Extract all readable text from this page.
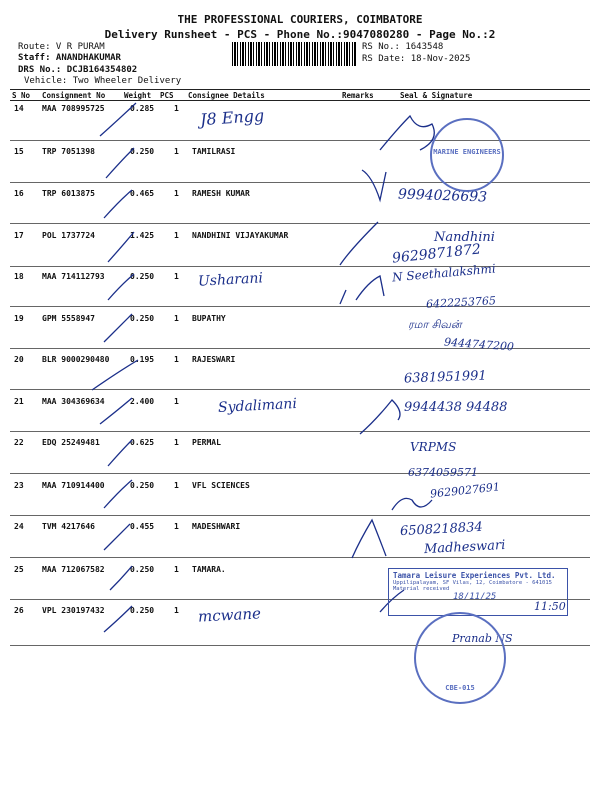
THE PROFESSIONAL COURIERS, COIMBATORE
Delivery Runsheet - PCS - Phone No.:9047080280 - Page No.:2
Route: V R PURAM
Staff: ANANDHAKUMAR
DRS No.: DCJB164354802
Vehicle: Two Wheeler Delivery
RS No.: 1643548
RS Date: 18-Nov-2025
S No Consignment No	Weight PCS Consignee Details	Remarks	Seal & Signature
14 MAA 708995725	0.285 1
15 TRP 7051398	0.250 1 TAMILRASI
16 TRP 6013875	0.465 1 RAMESH KUMAR
17 POL 1737724	1.425 1 NANDHINI VIJAYAKUMAR
18 MAA 714112793	0.250 1
19 GPM 5558947	0.250 1 BUPATHY
20 BLR 9000290480	0.195 1 RAJESWARI
21 MAA 304369634	2.400 1
22 EDQ 25249481	0.625 1 PERMAL
23 MAA 710914400	0.250 1 VFL SCIENCES
24 TVM 4217646	0.455 1 MADESHWARI
25 MAA 712067582	0.250 1 TAMARA.
26 VPL 230197432	0.250 1
J8 Engg
9994026693
Nandhini
9629871872
Usharani	N Seethalakshmi
6422253765
ரமா சிவன்
9444747200
6381951991
Sydalimani	9944438 94488
VRPMS
6374059571
9629027691
6508218834
Madheswari
mcwane	11:50
Pranab NS
MARINE ENGINEERS
Tamara Leisure Experiences Pvt. Ltd.
Uppilipalayam, SF Vilas, 12, Coimbatore - 641015
Material received
18/11/25
CBE-015
